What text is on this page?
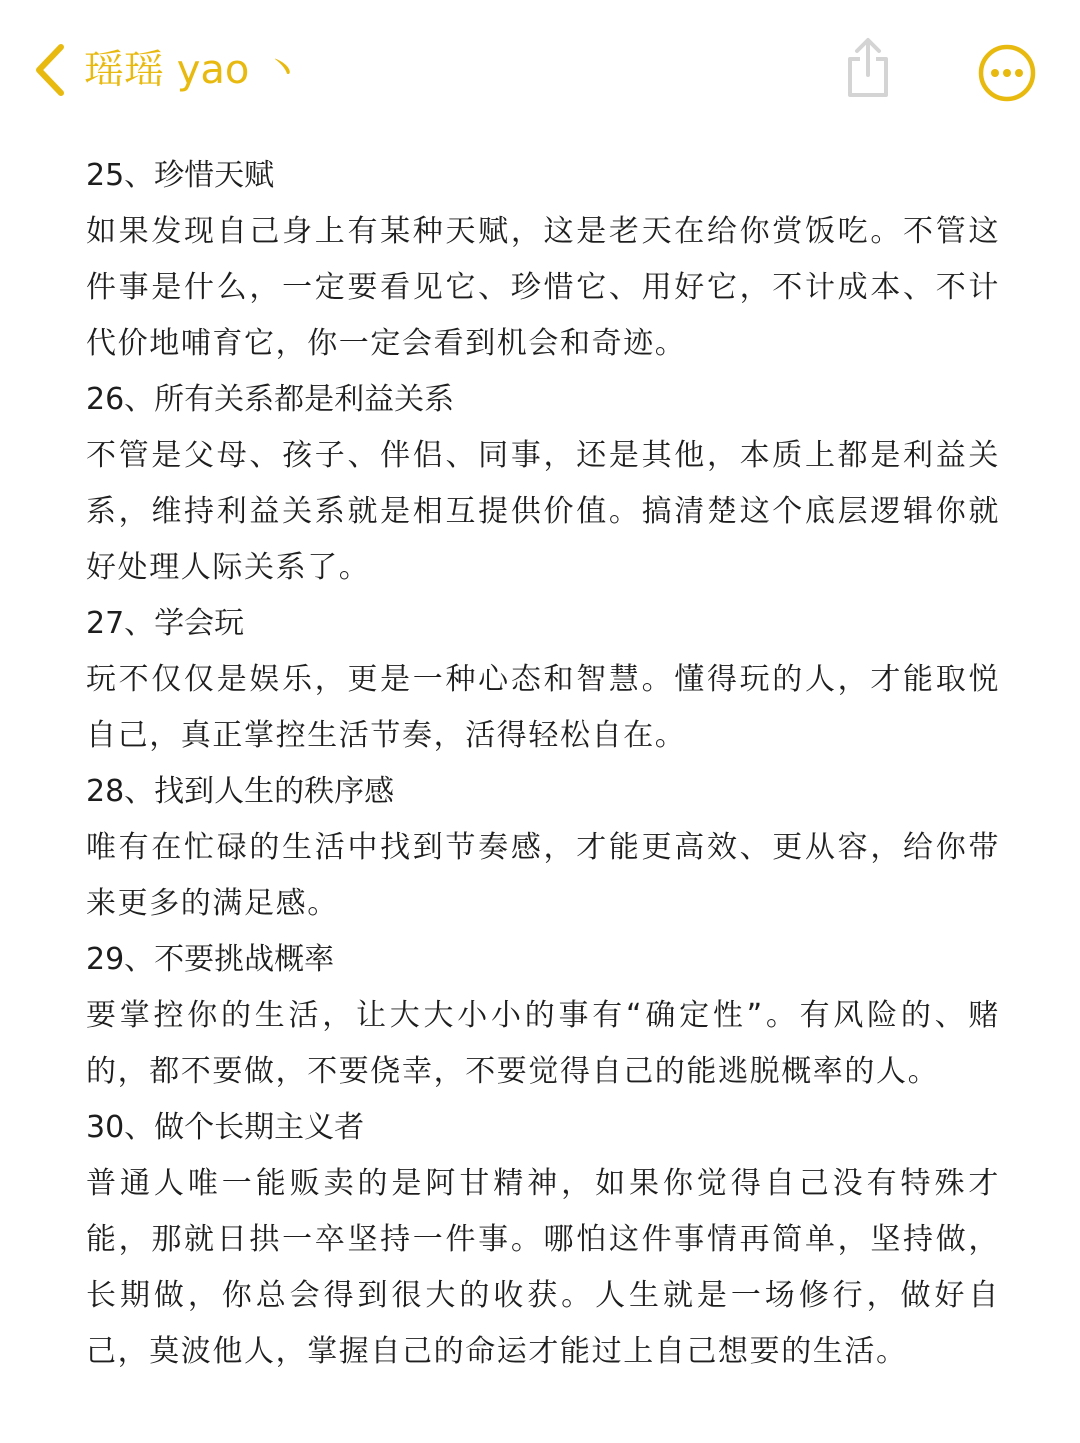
瑶瑶 yao 丶
25、珍惜天赋
如果发现自己身上有某种天赋，这是老天在给你赏饭吃。不管这件事是什么，一定要看见它、珍惜它、用好它，不计成本、不计代价地哺育它，你一定会看到机会和奇迹。
26、所有关系都是利益关系
不管是父母、孩子、伴侣、同事，还是其他，本质上都是利益关系，维持利益关系就是相互提供价值。搞清楚这个底层逻辑你就好处理人际关系了。
27、学会玩
玩不仅仅是娱乐，更是一种心态和智慧。懂得玩的人，才能取悦自己，真正掌控生活节奏，活得轻松自在。
28、找到人生的秩序感
唯有在忙碌的生活中找到节奏感，才能更高效、更从容，给你带来更多的满足感。
29、不要挑战概率
要掌控你的生活，让大大小小的事有“确定性”。有风险的、赌的，都不要做，不要侥幸，不要觉得自己的能逃脱概率的人。
30、做个长期主义者
普通人唯一能贩卖的是阿甘精神，如果你觉得自己没有特殊才能，那就日拱一卒坚持一件事。哪怕这件事情再简单，坚持做，长期做，你总会得到很大的收获。人生就是一场修行，做好自己，莫波他人，掌握自己的命运才能过上自己想要的生活。
